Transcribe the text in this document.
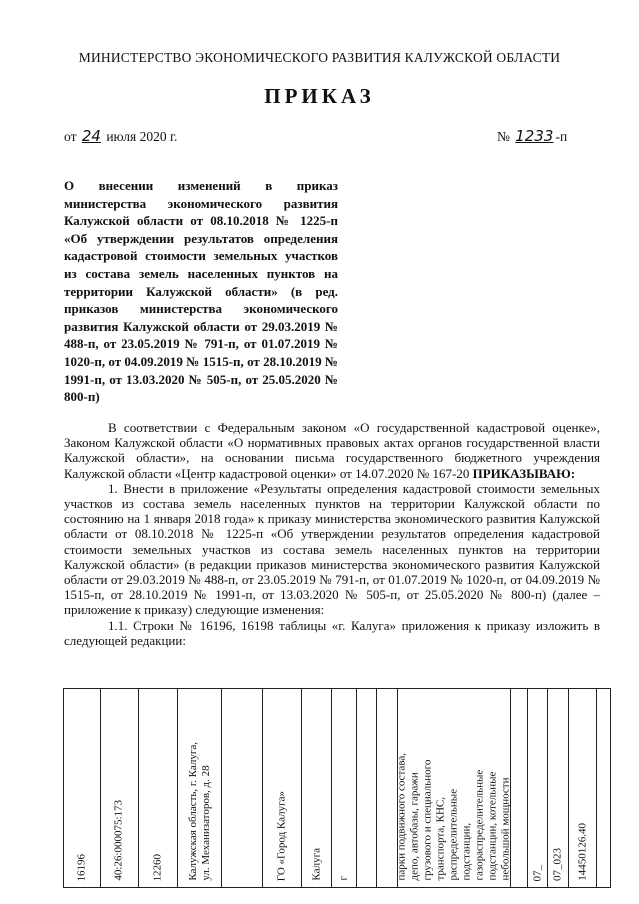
МИНИСТЕРСТВО ЭКОНОМИЧЕСКОГО РАЗВИТИЯ КАЛУЖСКОЙ ОБЛАСТИ
ПРИКАЗ
от 24 июля 2020 г.	№ 1233 -п
О внесении изменений в приказ министерства экономического развития Калужской области от 08.10.2018 № 1225-п «Об утверждении результатов определения кадастровой стоимости земельных участков из состава земель населенных пунктов на территории Калужской области» (в ред. приказов министерства экономического развития Калужской области от 29.03.2019 № 488-п, от 23.05.2019 № 791-п, от 01.07.2019 № 1020-п, от 04.09.2019 № 1515-п, от 28.10.2019 № 1991-п, от 13.03.2020 № 505-п, от 25.05.2020 № 800-п)

В соответствии с Федеральным законом «О государственной кадастровой оценке», Законом Калужской области «О нормативных правовых актах органов государственной власти Калужской области», на основании письма государственного бюджетного учреждения Калужской области «Центр кадастровой оценки» от 14.07.2020 № 167-20 ПРИКАЗЫВАЮ:

1. Внести в приложение «Результаты определения кадастровой стоимости земельных участков из состава земель населенных пунктов на территории Калужской области по состоянию на 1 января 2018 года» к приказу министерства экономического развития Калужской области от 08.10.2018 № 1225-п «Об утверждении результатов определения кадастровой стоимости земельных участков из состава земель населенных пунктов на территории Калужской области» (в редакции приказов министерства экономического развития Калужской области от 29.03.2019 № 488-п, от 23.05.2019 № 791-п, от 01.07.2019 № 1020-п, от 04.09.2019 № 1515-п, от 28.10.2019 № 1991-п, от 13.03.2020 № 505-п, от 25.05.2020 № 800-п) (далее – приложение к приказу) следующие изменения:

1.1. Строки № 16196, 16198 таблицы «г. Калуга» приложения к приказу изложить в следующей редакции:

16196 40:26:000075:173 12260 Калужская область, г. Калуга,
ул. Механизаторов, д. 28
ГО «Город Калуга» Калуга г	парки подвижного состава,
депо, автобазы, гаражи
грузового и специального
транспорта, КНС,
распределительные
подстанции,
газораспределительные
подстанции, котельные
небольшой мощности
07_ 07_023 14450126.40
